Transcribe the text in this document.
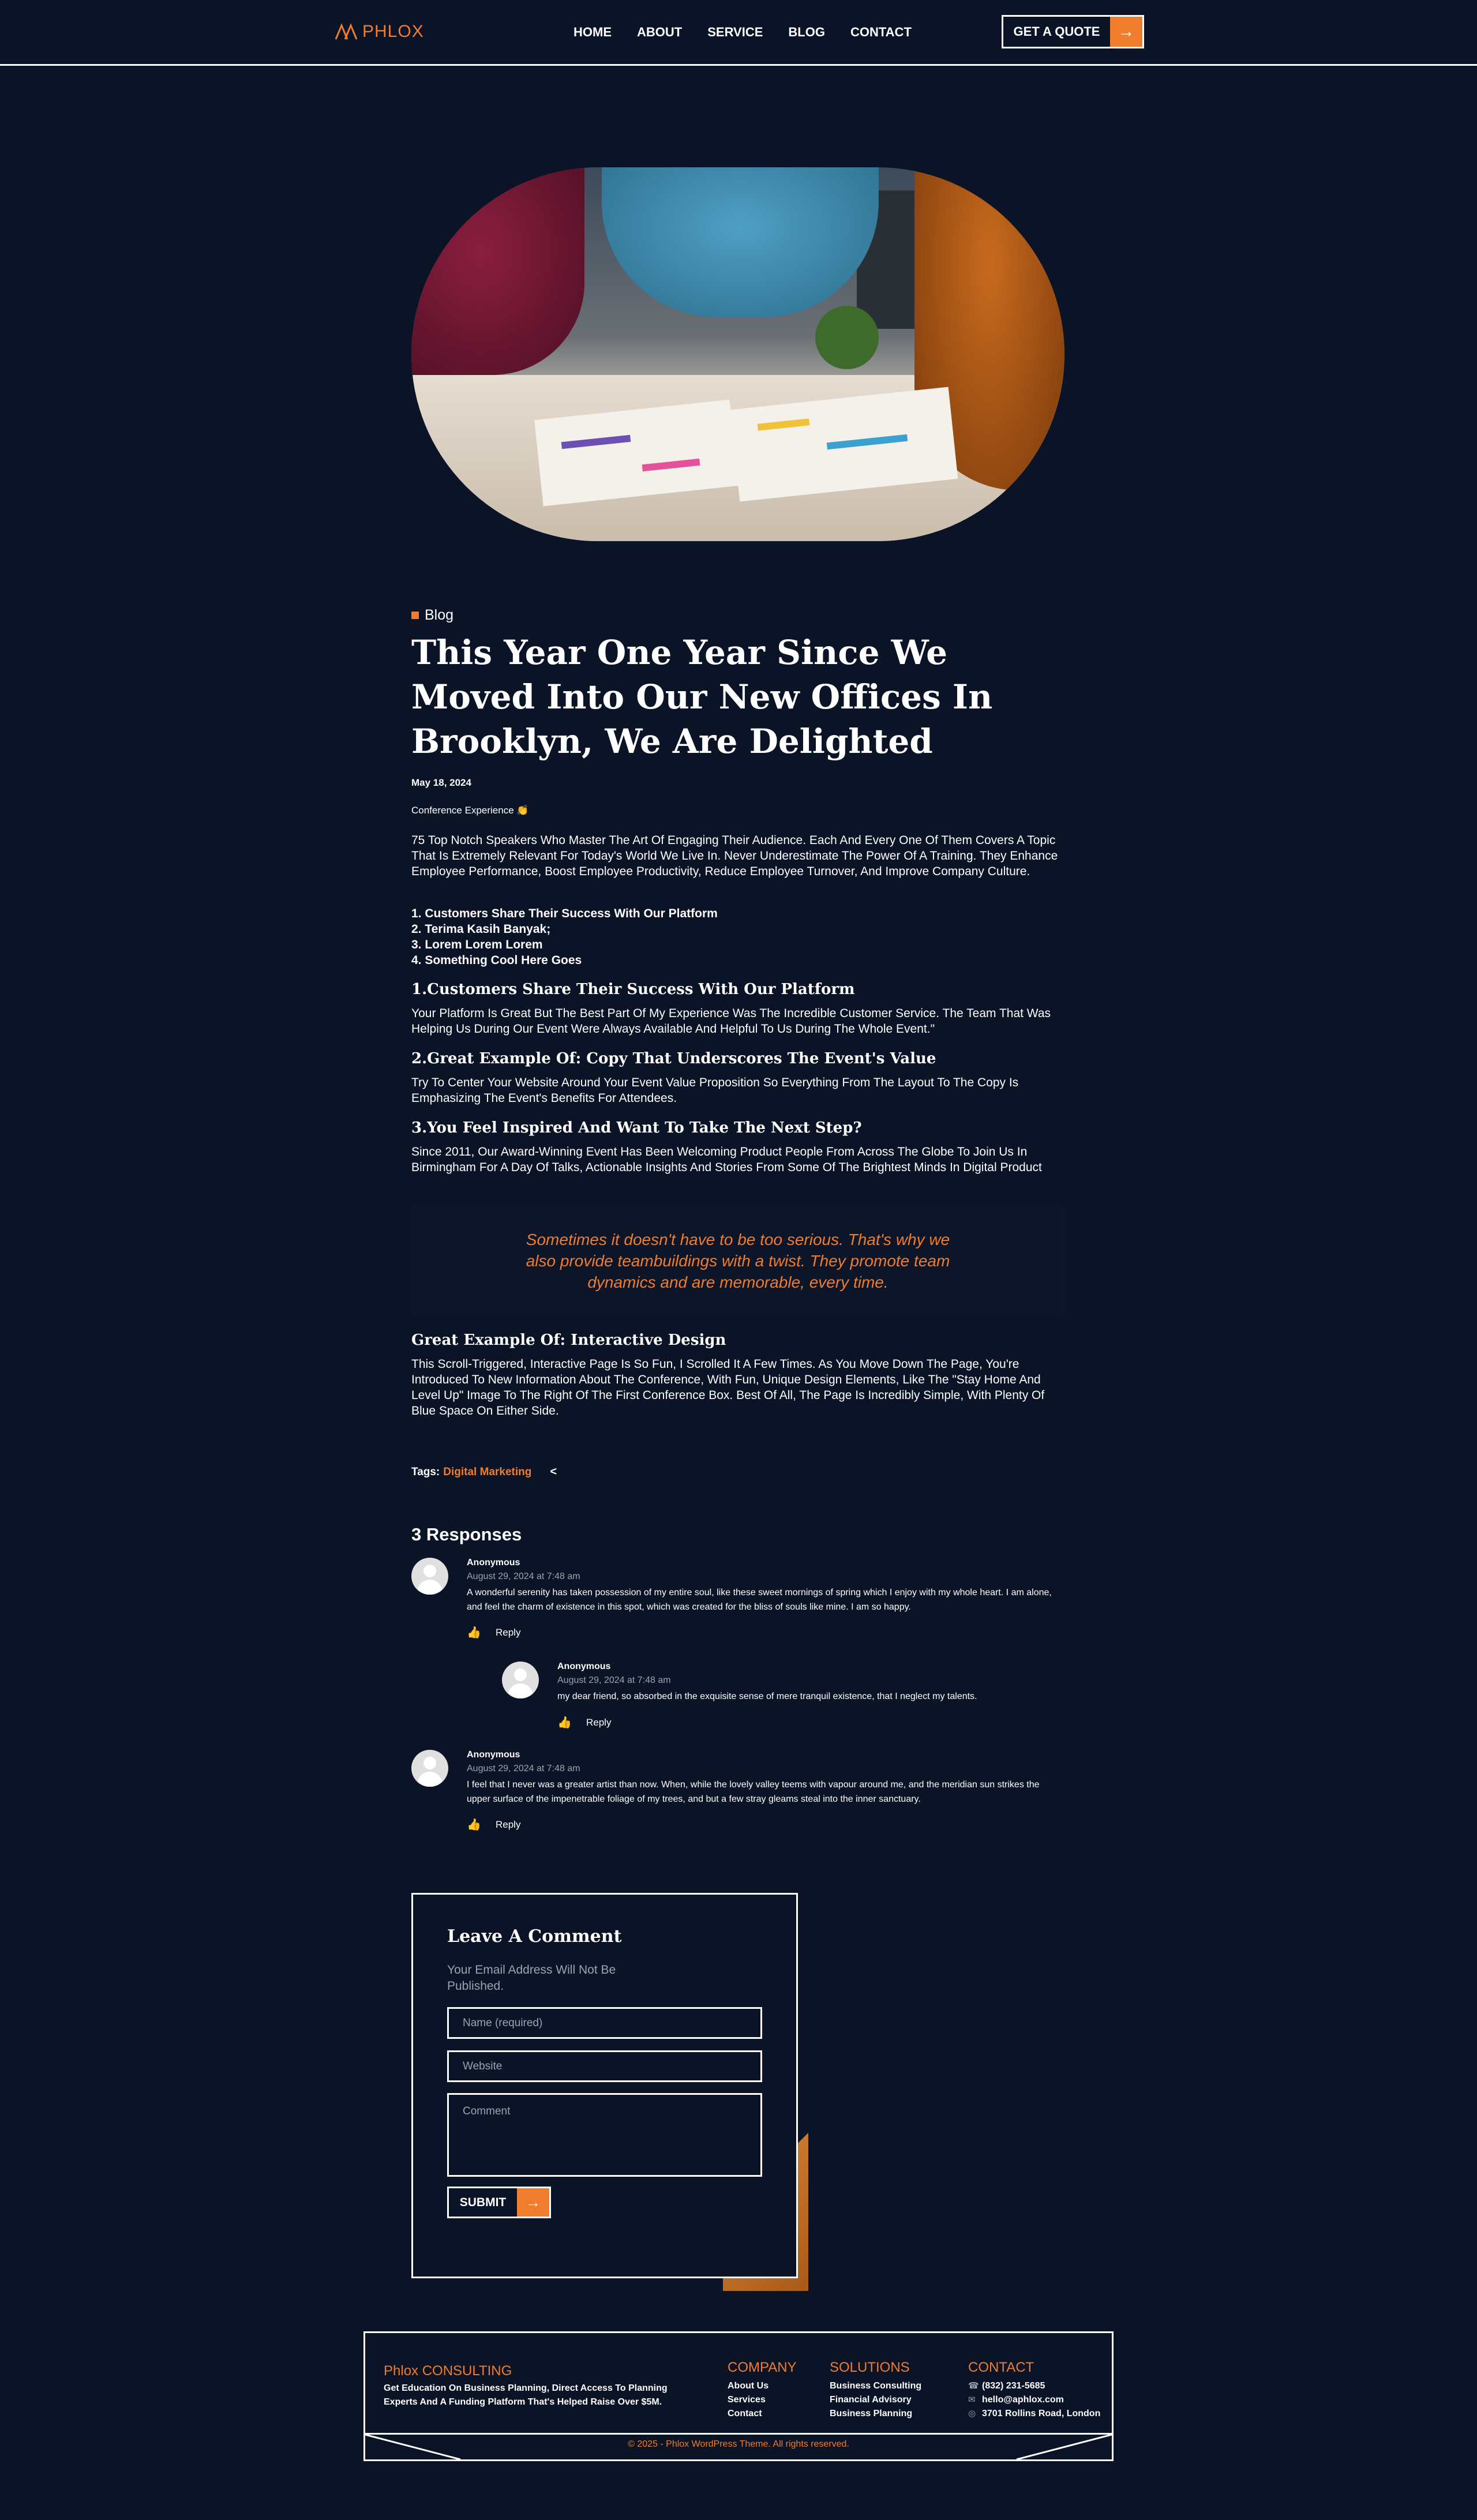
PHLOX	HOME ABOUT SERVICE BLOG CONTACT	GET A QUOTE	→
Blog
This Year One Year Since We Moved Into Our New Offices In Brooklyn, We Are Delighted
May 18, 2024
Conference Experience 👏

75 Top Notch Speakers Who Master The Art Of Engaging Their Audience. Each And Every One Of Them Covers A Topic That Is Extremely Relevant For Today's World We Live In. Never Underestimate The Power Of A Training. They Enhance Employee Performance, Boost Employee Productivity, Reduce Employee Turnover, And Improve Company Culture.

1. Customers Share Their Success With Our Platform
2. Terima Kasih Banyak;
3. Lorem Lorem Lorem
4. Something Cool Here Goes
1.Customers Share Their Success With Our Platform

Your Platform Is Great But The Best Part Of My Experience Was The Incredible Customer Service. The Team That Was Helping Us During Our Event Were Always Available And Helpful To Us During The Whole Event."

2.Great Example Of: Copy That Underscores The Event's Value

Try To Center Your Website Around Your Event Value Proposition So Everything From The Layout To The Copy Is Emphasizing The Event's Benefits For Attendees.

3.You Feel Inspired And Want To Take The Next Step?

Since 2011, Our Award-Winning Event Has Been Welcoming Product People From Across The Globe To Join Us In Birmingham For A Day Of Talks, Actionable Insights And Stories From Some Of The Brightest Minds In Digital Product

Sometimes it doesn't have to be too serious. That's why we also provide teambuildings with a twist. They promote team dynamics and are memorable, every time.

Great Example Of: Interactive Design

This Scroll-Triggered, Interactive Page Is So Fun, I Scrolled It A Few Times. As You Move Down The Page, You're Introduced To New Information About The Conference, With Fun, Unique Design Elements, Like The "Stay Home And Level Up" Image To The Right Of The First Conference Box. Best Of All, The Page Is Incredibly Simple, With Plenty Of Blue Space On Either Side.

Tags: Digital Marketing <
3 Responses
Anonymous
August 29, 2024 at 7:48 am
A wonderful serenity has taken possession of my entire soul, like these sweet mornings of spring which I enjoy with my whole heart. I am alone, and feel the charm of existence in this spot, which was created for the bliss of souls like mine. I am so happy.
👍 Reply
Anonymous
August 29, 2024 at 7:48 am
my dear friend, so absorbed in the exquisite sense of mere tranquil existence, that I neglect my talents.
👍 Reply
Anonymous
August 29, 2024 at 7:48 am
I feel that I never was a greater artist than now. When, while the lovely valley teems with vapour around me, and the meridian sun strikes the upper surface of the impenetrable foliage of my trees, and but a few stray gleams steal into the inner sanctuary.
👍 Reply
Leave A Comment

Your Email Address Will Not Be Published.

Name (required)
Website
Comment
SUBMIT	→
Phlox CONSULTING

Get Education On Business Planning, Direct Access To Planning Experts And A Funding Platform That's Helped Raise Over $5M.

COMPANY
About Us
Services
Contact
SOLUTIONS
Business Consulting
Financial Advisory
Business Planning
CONTACT
☎ (832) 231-5685
✉ hello@aphlox.com
◎ 3701 Rollins Road, London
© 2025 - Phlox WordPress Theme. All rights reserved.
